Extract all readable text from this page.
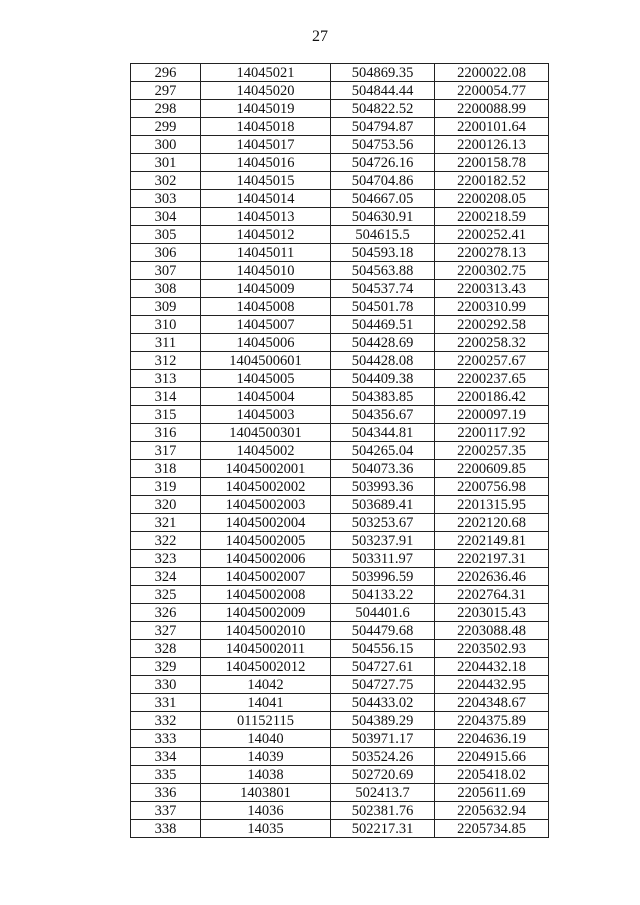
27
296	14045021	504869.35	2200022.08
297	14045020	504844.44	2200054.77
298	14045019	504822.52	2200088.99
299	14045018	504794.87	2200101.64
300	14045017	504753.56	2200126.13
301	14045016	504726.16	2200158.78
302	14045015	504704.86	2200182.52
303	14045014	504667.05	2200208.05
304	14045013	504630.91	2200218.59
305	14045012	504615.5	2200252.41
306	14045011	504593.18	2200278.13
307	14045010	504563.88	2200302.75
308	14045009	504537.74	2200313.43
309	14045008	504501.78	2200310.99
310	14045007	504469.51	2200292.58
311	14045006	504428.69	2200258.32
312	1404500601	504428.08	2200257.67
313	14045005	504409.38	2200237.65
314	14045004	504383.85	2200186.42
315	14045003	504356.67	2200097.19
316	1404500301	504344.81	2200117.92
317	14045002	504265.04	2200257.35
318	14045002001	504073.36	2200609.85
319	14045002002	503993.36	2200756.98
320	14045002003	503689.41	2201315.95
321	14045002004	503253.67	2202120.68
322	14045002005	503237.91	2202149.81
323	14045002006	503311.97	2202197.31
324	14045002007	503996.59	2202636.46
325	14045002008	504133.22	2202764.31
326	14045002009	504401.6	2203015.43
327	14045002010	504479.68	2203088.48
328	14045002011	504556.15	2203502.93
329	14045002012	504727.61	2204432.18
330	14042	504727.75	2204432.95
331	14041	504433.02	2204348.67
332	01152115	504389.29	2204375.89
333	14040	503971.17	2204636.19
334	14039	503524.26	2204915.66
335	14038	502720.69	2205418.02
336	1403801	502413.7	2205611.69
337	14036	502381.76	2205632.94
338	14035	502217.31	2205734.85
